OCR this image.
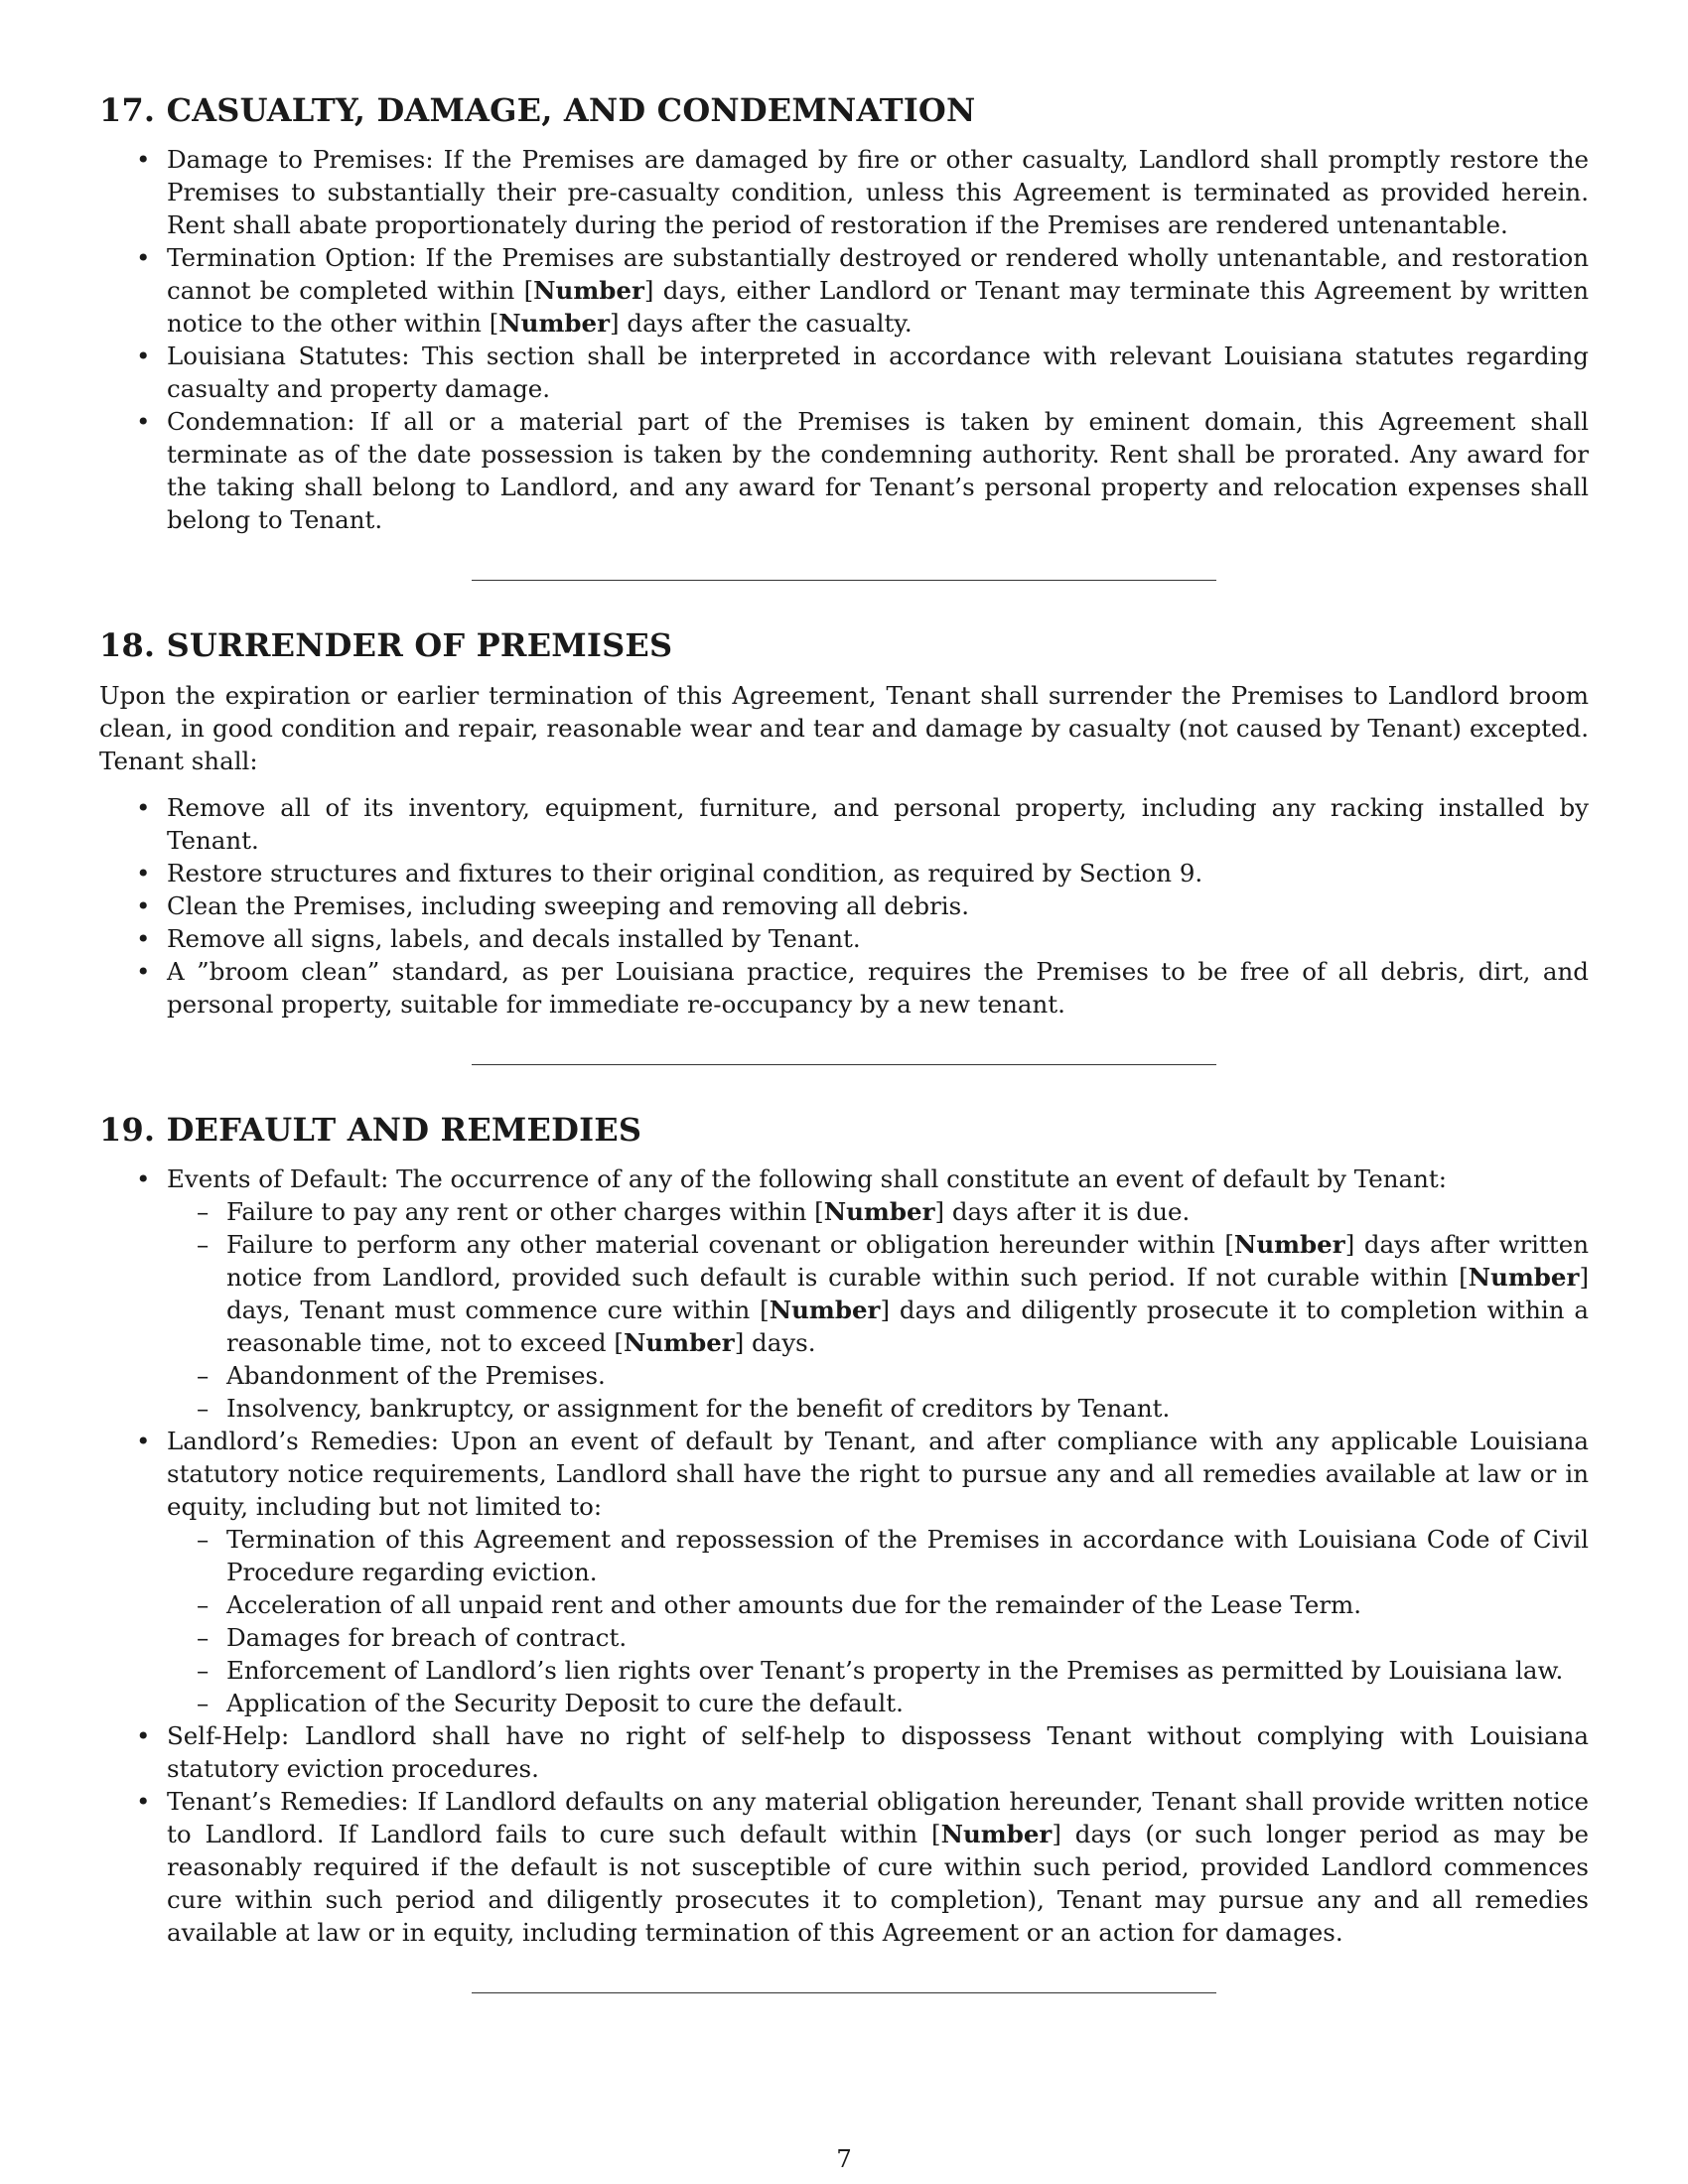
17. CASUALTY, DAMAGE, AND CONDEMNATION
• Damage to Premises: If the Premises are damaged by fire or other casualty, Landlord shall promptly restore the Premises to substantially their pre-casualty condition, unless this Agreement is terminated as provided herein. Rent shall abate proportionately during the period of restoration if the Premises are rendered untenantable.
• Termination Option: If the Premises are substantially destroyed or rendered wholly untenantable, and restoration cannot be completed within [Number] days, either Landlord or Tenant may terminate this Agreement by written notice to the other within [Number] days after the casualty.
• Louisiana Statutes: This section shall be interpreted in accordance with relevant Louisiana statutes regarding casualty and property damage.
• Condemnation: If all or a material part of the Premises is taken by eminent domain, this Agreement shall terminate as of the date possession is taken by the condemning authority. Rent shall be prorated. Any award for the taking shall belong to Landlord, and any award for Tenant’s personal property and relocation expenses shall belong to Tenant.
18. SURRENDER OF PREMISES

Upon the expiration or earlier termination of this Agreement, Tenant shall surrender the Premises to Landlord broom clean, in good condition and repair, reasonable wear and tear and damage by casualty (not caused by Tenant) excepted. Tenant shall:

• Remove all of its inventory, equipment, furniture, and personal property, including any racking installed by Tenant.
• Restore structures and fixtures to their original condition, as required by Section 9.
• Clean the Premises, including sweeping and removing all debris.
• Remove all signs, labels, and decals installed by Tenant.
• A ”broom clean” standard, as per Louisiana practice, requires the Premises to be free of all debris, dirt, and personal property, suitable for immediate re-occupancy by a new tenant.
19. DEFAULT AND REMEDIES
• Events of Default: The occurrence of any of the following shall constitute an event of default by Tenant:
– Failure to pay any rent or other charges within [Number] days after it is due.
– Failure to perform any other material covenant or obligation hereunder within [Number] days after written notice from Landlord, provided such default is curable within such period. If not curable within [Number] days, Tenant must commence cure within [Number] days and diligently prosecute it to completion within a reasonable time, not to exceed [Number] days.
– Abandonment of the Premises.
– Insolvency, bankruptcy, or assignment for the benefit of creditors by Tenant.
• Landlord’s Remedies: Upon an event of default by Tenant, and after compliance with any applicable Louisiana statutory notice requirements, Landlord shall have the right to pursue any and all remedies available at law or in equity, including but not limited to:
– Termination of this Agreement and repossession of the Premises in accordance with Louisiana Code of Civil Procedure regarding eviction.
– Acceleration of all unpaid rent and other amounts due for the remainder of the Lease Term.
– Damages for breach of contract.
– Enforcement of Landlord’s lien rights over Tenant’s property in the Premises as permitted by Louisiana law.
– Application of the Security Deposit to cure the default.
• Self-Help: Landlord shall have no right of self-help to dispossess Tenant without complying with Louisiana statutory eviction procedures.
• Tenant’s Remedies: If Landlord defaults on any material obligation hereunder, Tenant shall provide written notice to Landlord. If Landlord fails to cure such default within [Number] days (or such longer period as may be reasonably required if the default is not susceptible of cure within such period, provided Landlord commences cure within such period and diligently prosecutes it to completion), Tenant may pursue any and all remedies available at law or in equity, including termination of this Agreement or an action for damages.
7
